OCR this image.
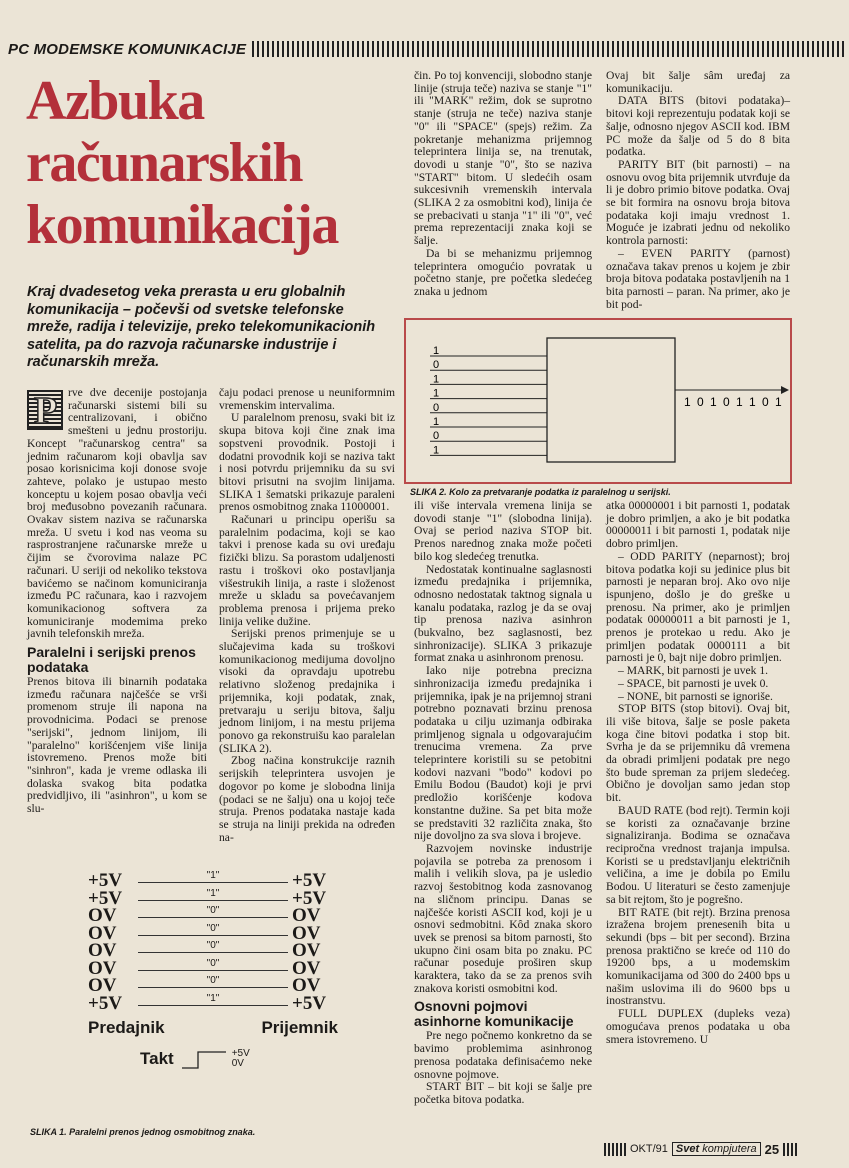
PC MODEMSKE KOMUNIKACIJE
Azbuka
računarskih
komunikacija
Kraj dvadesetog veka prerasta u eru globalnih komunikacija – počevši od svetske telefonske mreže, radija i televizije, preko telekomunikacionih satelita, pa do razvoja računarske industrije i računarskih mreža.
P rve dve decenije postojanja računarski sistemi bili su centralizovani, i obično smešteni u jednu prostoriju. Koncept "računarskog centra" sa jednim računarom koji obavlja sav posao korisnicima koji donose svoje zahteve, polako je ustupao mesto konceptu u kojem posao obavlja veći broj međusobno povezanih računara. Ovakav sistem naziva se računarska mreža. U svetu i kod nas veoma su rasprostranjene računarske mreže u čijim se čvorovima nalaze PC računari. U seriji od nekoliko tekstova bavićemo se načinom komuniciranja između PC računara, kao i razvojem komunikacionog softvera za komuniciranje modemima preko javnih telefonskih mreža.

Paralelni i serijski prenos podataka

Prenos bitova ili binarnih podataka između računara najčešće se vrši promenom struje ili napona na provodnicima. Podaci se prenose "serijski", jednom linijom, ili "paralelno" korišćenjem više linija istovremeno. Prenos može biti "sinhron", kada je vreme odlaska ili dolaska svakog bita podatka predvidljivo, ili "asinhron", u kom se slu-

čaju podaci prenose u neuniformnim vremenskim intervalima.

U paralelnom prenosu, svaki bit iz skupa bitova koji čine znak ima sopstveni provodnik. Postoji i dodatni provodnik koji se naziva takt i nosi potvrdu prijemniku da su svi bitovi prisutni na svojim linijama. SLIKA 1 šematski prikazuje paraleni prenos osmobitnog znaka 11000001.

Računari u principu operišu sa paralelnim podacima, koji se kao takvi i prenose kada su ovi uređaju fizički blizu. Sa porastom udaljenosti rastu i troškovi oko postavljanja višestrukih linija, a raste i složenost mreže u skladu sa povećavanjem problema prenosa i prijema preko linija velike dužine.

Serijski prenos primenjuje se u slučajevima kada su troškovi komunikacionog medijuma dovoljno visoki da opravdaju upotrebu relativno složenog predajnika i prijemnika, koji podatak, znak, pretvaraju u seriju bitova, šalju jednom linijom, i na mestu prijema ponovo ga rekonstruišu kao paralelan (SLIKA 2).

Zbog načina konstrukcije raznih serijskih teleprintera usvojen je dogovor po kome je slobodna linija (podaci se ne šalju) ona u kojoj teče struja. Prenos podataka nastaje kada se struja na liniji prekida na određen na-

čin. Po toj konvenciji, slobodno stanje linije (struja teče) naziva se stanje "1" ili "MARK" režim, dok se suprotno stanje (struja ne teče) naziva stanje "0" ili "SPACE" (spejs) režim. Za pokretanje mehanizma prijemnog teleprintera linija se, na trenutak, dovodi u stanje "0", što se naziva "START" bitom. U sledećih osam sukcesivnih vremenskih intervala (SLIKA 2 za osmobitni kod), linija će se prebacivati u stanja "1" ili "0", već prema reprezentaciji znaka koji se šalje.

Da bi se mehanizmu prijemnog teleprintera omogućio povratak u početno stanje, pre početka sledećeg znaka u jednom

Ovaj bit šalje sâm uređaj za komunikaciju.

DATA BITS (bitovi podataka)– bitovi koji reprezentuju podatak koji se šalje, odnosno njegov ASCII kod. IBM PC može da šalje od 5 do 8 bita podatka.

PARITY BIT (bit parnosti) – na osnovu ovog bita prijemnik utvrđuje da li je dobro primio bitove podatka. Ovaj se bit formira na osnovu broja bitova podataka koji imaju vrednost 1. Moguće je izabrati jednu od nekoliko kontrola parnosti:

– EVEN PARITY (parnost) označava takav prenos u kojem je zbir broja bitova podataka postavljenih na 1 bita parnosti – paran. Na primer, ako je bit pod-

1 0 1 0 1 1 0 1
1
0
1
1
0
1
0
1
SLIKA 2. Kolo za pretvaranje podatka iz paralelnog u serijski.

ili više intervala vremena linija se dovodi stanje "1" (slobodna linija). Ovaj se period naziva STOP bit. Prenos narednog znaka može početi bilo kog sledećeg trenutka.

Nedostatak kontinualne saglasnosti između predajnika i prijemnika, odnosno nedostatak taktnog signala u kanalu podataka, razlog je da se ovaj tip prenosa naziva asinhron (bukvalno, bez saglasnosti, bez sinhronizacije). SLIKA 3 prikazuje format znaka u asinhronom prenosu.

Iako nije potrebna precizna sinhronizacija između predajnika i prijemnika, ipak je na prijemnoj strani potrebno poznavati brzinu prenosa podataka u cilju uzimanja odbiraka primljenog signala u odgovarajućim trenucima vremena. Za prve teleprintere koristili su se petobitni kodovi nazvani "bodo" kodovi po Emilu Bodou (Baudot) koji je prvi predložio korišćenje kodova konstantne dužine. Sa pet bita može se predstaviti 32 različita znaka, što nije dovoljno za sva slova i brojeve.

Razvojem novinske industrije pojavila se potreba za prenosom i malih i velikih slova, pa je usledio razvoj šestobitnog koda zasnovanog na sličnom principu. Danas se najčešće koristi ASCII kod, koji je u osnovi sedmobitni. Kôd znaka skoro uvek se prenosi sa bitom parnosti, što ukupno čini osam bita po znaku. PC računar poseduje proširen skup karaktera, tako da se za prenos svih znakova koristi osmobitni kod.

Osnovni pojmovi asinhorne komunikacije

Pre nego počnemo konkretno da se bavimo problemima asinhronog prenosa podataka definisaćemo neke osnovne pojmove.

START BIT – bit koji se šalje pre početka bitova podatka.

atka 00000001 i bit parnosti 1, podatak je dobro primljen, a ako je bit podatka 00000011 i bit parnosti 1, podatak nije dobro primljen.

– ODD PARITY (neparnost); broj bitova podatka koji su jedinice plus bit parnosti je neparan broj. Ako ovo nije ispunjeno, došlo je do greške u prenosu. Na primer, ako je primljen podatak 00000011 a bit parnosti je 1, prenos je protekao u redu. Ako je primljen podatak 0000111 a bit parnosti je 0, bajt nije dobro primljen.

– MARK, bit parnosti je uvek 1.

– SPACE, bit parnosti je uvek 0.

– NONE, bit parnosti se ignoriše.

STOP BITS (stop bitovi). Ovaj bit, ili više bitova, šalje se posle paketa koga čine bitovi podatka i stop bit. Svrha je da se prijemniku dâ vremena da obradi primljeni podatak pre nego što bude spreman za prijem sledećeg. Obično je dovoljan samo jedan stop bit.

BAUD RATE (bod rejt). Termin koji se koristi za označavanje brzine signaliziranja. Bodima se označava recipročna vrednost trajanja impulsa. Koristi se u predstavljanju električnih veličina, a ime je dobila po Emilu Bodou. U literaturi se često zamenjuje sa bit rejtom, što je pogrešno.

BIT RATE (bit rejt). Brzina prenosa izražena brojem prenesenih bita u sekundi (bps – bit per second). Brzina prenosa praktično se kreće od 110 do 19200 bps, a u modemskim komunikacijama od 300 do 2400 bps u našim uslovima ili do 9600 bps u inostranstvu.

FULL DUPLEX (dupleks veza) omogućava prenos podataka u oba smera istovremeno. U

+5V	"1"	+5V
+5V	"1"	+5V
OV	"0"	OV
OV	"0"	OV
OV	"0"	OV
OV	"0"	OV
OV	"0"	OV
+5V	"1"	+5V
Predajnik	Prijemnik
Takt	+5V
0V
SLIKA 1. Paralelni prenos jednog osmobitnog znaka.
OKT/91 Svet kompjutera 25
